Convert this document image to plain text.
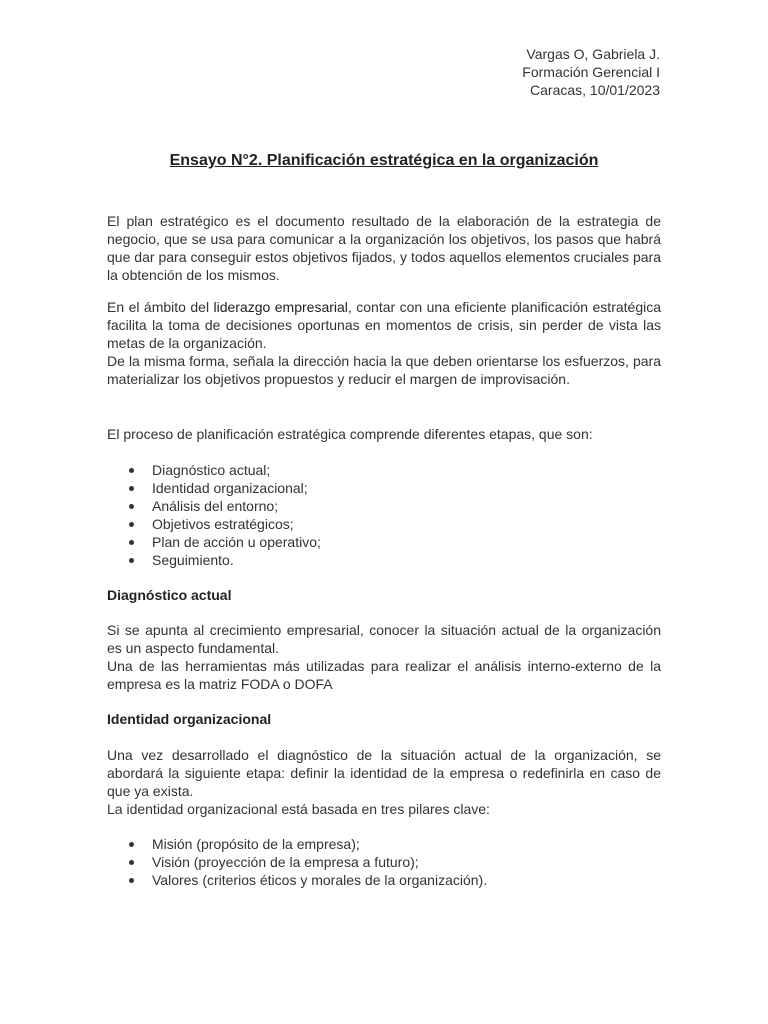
Vargas O, Gabriela J.
Formación Gerencial I
Caracas, 10/01/2023
Ensayo N°2. Planificación estratégica en la organización

El plan estratégico es el documento resultado de la elaboración de la estrategia de negocio, que se usa para comunicar a la organización los objetivos, los pasos que habrá que dar para conseguir estos objetivos fijados, y todos aquellos elementos cruciales para la obtención de los mismos.

En el ámbito del liderazgo empresarial, contar con una eficiente planificación estratégica facilita la toma de decisiones oportunas en momentos de crisis, sin perder de vista las metas de la organización.

De la misma forma, señala la dirección hacia la que deben orientarse los esfuerzos, para materializar los objetivos propuestos y reducir el margen de improvisación.

El proceso de planificación estratégica comprende diferentes etapas, que son:
Diagnóstico actual;
Identidad organizacional;
Análisis del entorno;
Objetivos estratégicos;
Plan de acción u operativo;
Seguimiento.
Diagnóstico actual

Si se apunta al crecimiento empresarial, conocer la situación actual de la organización es un aspecto fundamental.

Una de las herramientas más utilizadas para realizar el análisis interno-externo de la empresa es la matriz FODA o DOFA

Identidad organizacional

Una vez desarrollado el diagnóstico de la situación actual de la organización, se abordará la siguiente etapa: definir la identidad de la empresa o redefinirla en caso de que ya exista.

La identidad organizacional está basada en tres pilares clave:

Misión (propósito de la empresa);
Visión (proyección de la empresa a futuro);
Valores (criterios éticos y morales de la organización).
